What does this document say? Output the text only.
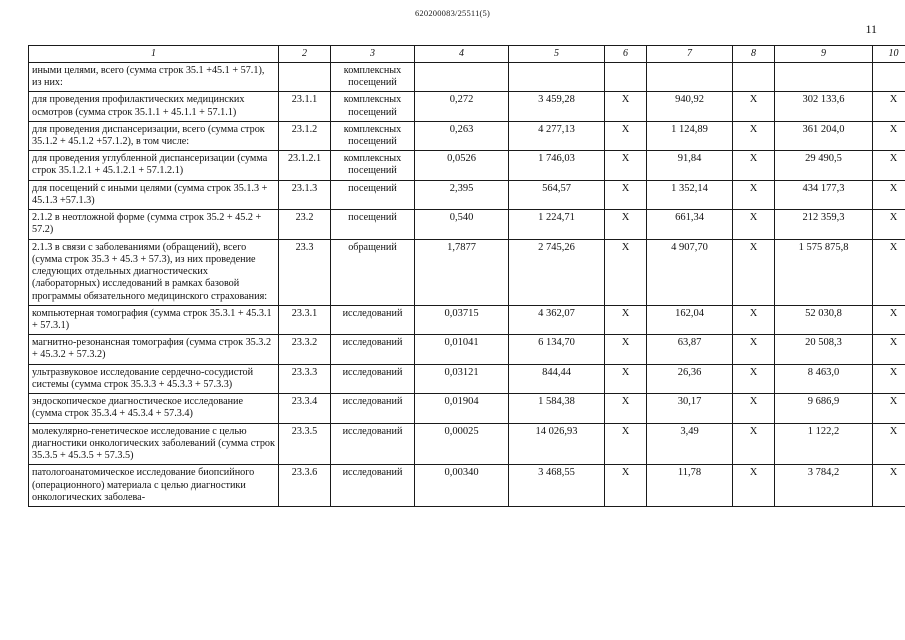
620200083/25511(5)
11
1	2	3	4	5	6	7	8	9	10
иными целями, всего (сумма строк 35.1 +45.1 + 57.1), из них:		комплексных посещений							
для проведения профилактических медицинских осмотров (сумма строк 35.1.1 + 45.1.1 + 57.1.1)	23.1.1	комплексных посещений	0,272	3 459,28	X	940,92	X	302 133,6	X
для проведения диспансеризации, всего (сумма строк 35.1.2 + 45.1.2 +57.1.2), в том числе:	23.1.2	комплексных посещений	0,263	4 277,13	X	1 124,89	X	361 204,0	X
для проведения углубленной диспансеризации (сумма строк 35.1.2.1 + 45.1.2.1 + 57.1.2.1)	23.1.2.1	комплексных посещений	0,0526	1 746,03	X	91,84	X	29 490,5	X
для посещений с иными целями (сумма строк 35.1.3 + 45.1.3 +57.1.3)	23.1.3	посещений	2,395	564,57	X	1 352,14	X	434 177,3	X
2.1.2 в неотложной форме (сумма строк 35.2 + 45.2 + 57.2)	23.2	посещений	0,540	1 224,71	X	661,34	X	212 359,3	X
2.1.3 в связи с заболеваниями (обращений), всего (сумма строк 35.3 + 45.3 + 57.3), из них проведение следующих отдельных диагностических (лабораторных) исследований в рамках базовой программы обязательного медицинского страхования:	23.3	обращений	1,7877	2 745,26	X	4 907,70	X	1 575 875,8	X
компьютерная томография (сумма строк 35.3.1 + 45.3.1 + 57.3.1)	23.3.1	исследований	0,03715	4 362,07	X	162,04	X	52 030,8	X
магнитно-резонансная томография (сумма строк 35.3.2 + 45.3.2 + 57.3.2)	23.3.2	исследований	0,01041	6 134,70	X	63,87	X	20 508,3	X
ультразвуковое исследование сердечно-сосудистой системы (сумма строк 35.3.3 + 45.3.3 + 57.3.3)	23.3.3	исследований	0,03121	844,44	X	26,36	X	8 463,0	X
эндоскопическое диагностическое исследование (сумма строк 35.3.4 + 45.3.4 + 57.3.4)	23.3.4	исследований	0,01904	1 584,38	X	30,17	X	9 686,9	X
молекулярно-генетическое исследование с целью диагностики онкологических заболеваний (сумма строк 35.3.5 + 45.3.5 + 57.3.5)	23.3.5	исследований	0,00025	14 026,93	X	3,49	X	1 122,2	X
патологоанатомическое исследование биопсийного (операционного) материала с целью диагностики онкологических заболева-	23.3.6	исследований	0,00340	3 468,55	X	11,78	X	3 784,2	X
